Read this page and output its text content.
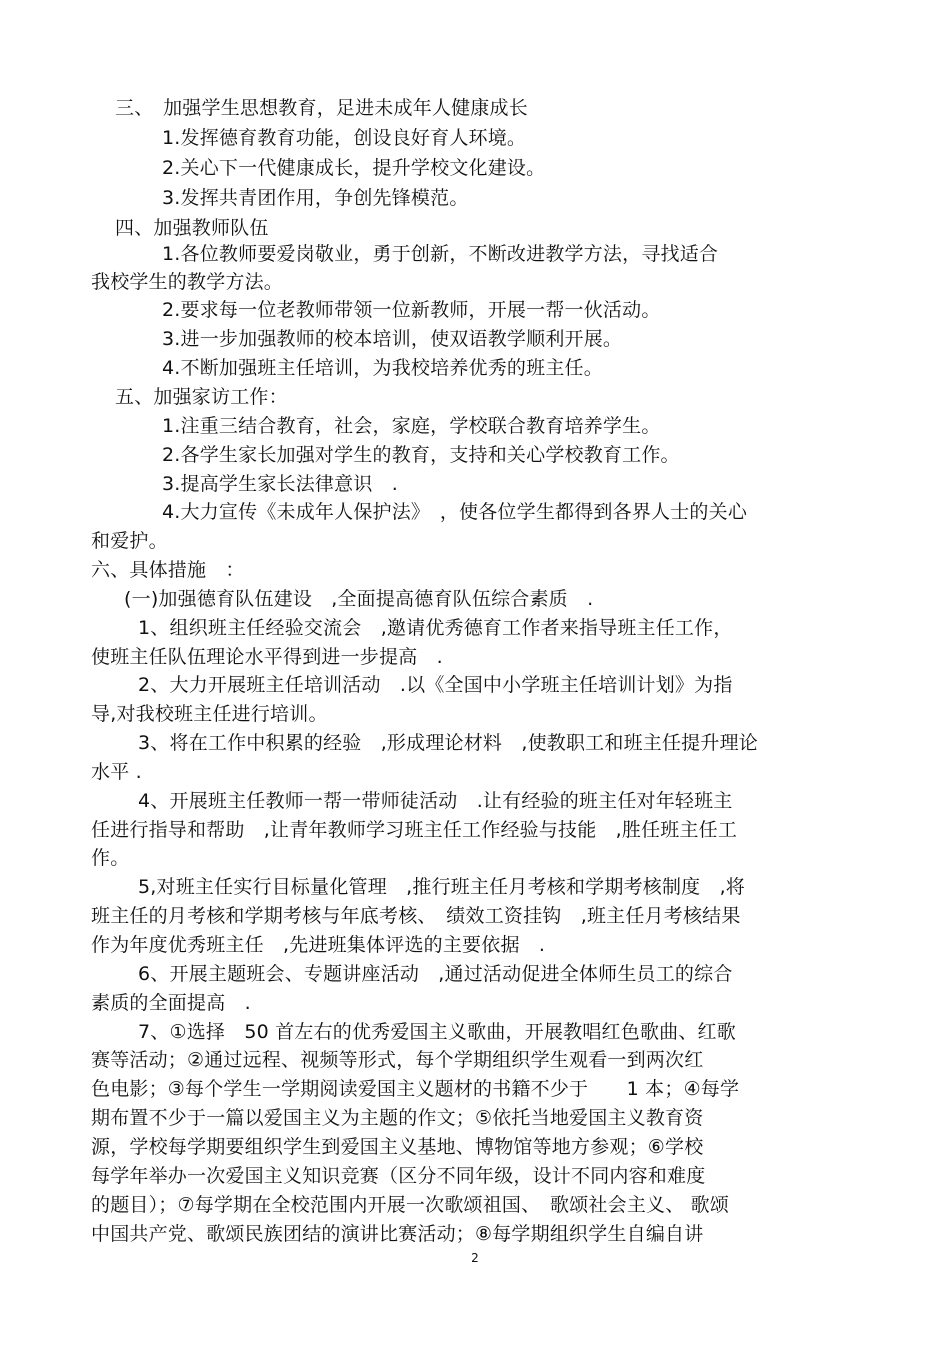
三、　加强学生思想教育，足进未成年人健康成长
1.发挥德育教育功能，创设良好育人环境。
2.关心下一代健康成长，提升学校文化建设。
3.发挥共青团作用，争创先锋模范。
四、加强教师队伍
1.各位教师要爱岗敬业，勇于创新，不断改进教学方法，寻找适合
我校学生的教学方法。
2.要求每一位老教师带领一位新教师，开展一帮一伙活动。
3.进一步加强教师的校本培训，使双语教学顺利开展。
4.不断加强班主任培训，为我校培养优秀的班主任。
五、加强家访工作：
1.注重三结合教育，社会，家庭，学校联合教育培养学生。
2.各学生家长加强对学生的教育，支持和关心学校教育工作。
3.提高学生家长法律意识　.
4.大力宣传《未成年人保护法》　，使各位学生都得到各界人士的关心
和爱护。
六、具体措施　：
(一)加强德育队伍建设　,全面提高德育队伍综合素质　.
1、组织班主任经验交流会　,邀请优秀德育工作者来指导班主任工作，
使班主任队伍理论水平得到进一步提高　.
2、大力开展班主任培训活动　.以《全国中小学班主任培训计划》为指
导,对我校班主任进行培训。
3、将在工作中积累的经验　,形成理论材料　,使教职工和班主任提升理论
水平 .
4、开展班主任教师一帮一带师徒活动　.让有经验的班主任对年轻班主
任进行指导和帮助　,让青年教师学习班主任工作经验与技能　,胜任班主任工
作。
5,对班主任实行目标量化管理　,推行班主任月考核和学期考核制度　,将
班主任的月考核和学期考核与年底考核、　绩效工资挂钩　,班主任月考核结果
作为年度优秀班主任　,先进班集体评选的主要依据　.
6、开展主题班会、专题讲座活动　,通过活动促进全体师生员工的综合
素质的全面提高　.
7、①选择　50 首左右的优秀爱国主义歌曲，开展教唱红色歌曲、红歌
赛等活动；②通过远程、视频等形式，每个学期组织学生观看一到两次红
色电影；③每个学生一学期阅读爱国主义题材的书籍不少于　　1 本；④每学
期布置不少于一篇以爱国主义为主题的作文；⑤依托当地爱国主义教育资
源，学校每学期要组织学生到爱国主义基地、博物馆等地方参观；⑥学校
每学年举办一次爱国主义知识竞赛（区分不同年级，设计不同内容和难度
的题目）；⑦每学期在全校范围内开展一次歌颂祖国、　歌颂社会主义、 歌颂
中国共产党、歌颂民族团结的演讲比赛活动；⑧每学期组织学生自编自讲
2
